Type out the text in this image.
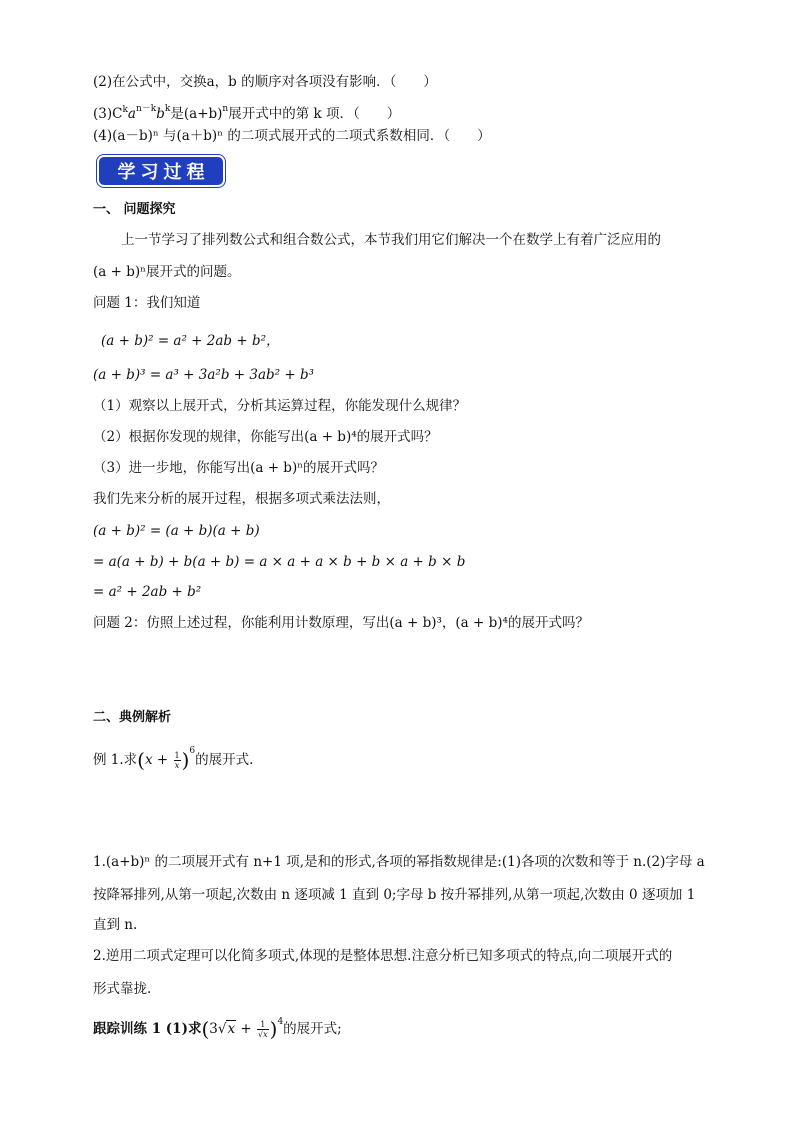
(2)在公式中，交换a，b 的顺序对各项没有影响．（　　）
$(3)C^ka^{n-k}b^k$是$(a+b)^n$展开式中的第 k 项．（　　）
(4)(a－b)ⁿ 与(a＋b)ⁿ 的二项式展开式的二项式系数相同．（　　）
学习过程
一、 问题探究
上一节学习了排列数公式和组合数公式，本节我们用它们解决一个在数学上有着广泛应用的
(a + b)ⁿ展开式的问题。
问题 1：我们知道
(a + b)² = a² + 2ab + b²，
(a + b)³ = a³ + 3a²b + 3ab² + b³
（1）观察以上展开式，分析其运算过程，你能发现什么规律？
（2）根据你发现的规律，你能写出(a + b)⁴的展开式吗？
（3）进一步地，你能写出(a + b)ⁿ的展开式吗？
我们先来分析的展开过程，根据多项式乘法法则，
(a + b)² = (a + b)(a + b)
= a(a + b) + b(a + b) = a × a + a × b + b × a + b × b
= a² + 2ab + b²
问题 2：仿照上述过程，你能利用计数原理，写出(a + b)³，(a + b)⁴的展开式吗？
二、典例解析
例 1.求$(x + \frac{1}{x} )^6$的展开式.
1.(a+b)ⁿ 的二项展开式有 n+1 项,是和的形式,各项的幂指数规律是:(1)各项的次数和等于 n.(2)字母 a
按降幂排列,从第一项起,次数由 n 逐项减 1 直到 0;字母 b 按升幂排列,从第一项起,次数由 0 逐项加 1
直到 n.
2.逆用二项式定理可以化简多项式,体现的是整体思想.注意分析已知多项式的特点,向二项展开式的
形式靠拢.
跟踪训练 1 (1)求$(3√x + \frac{1}{√x} )^4$的展开式;
